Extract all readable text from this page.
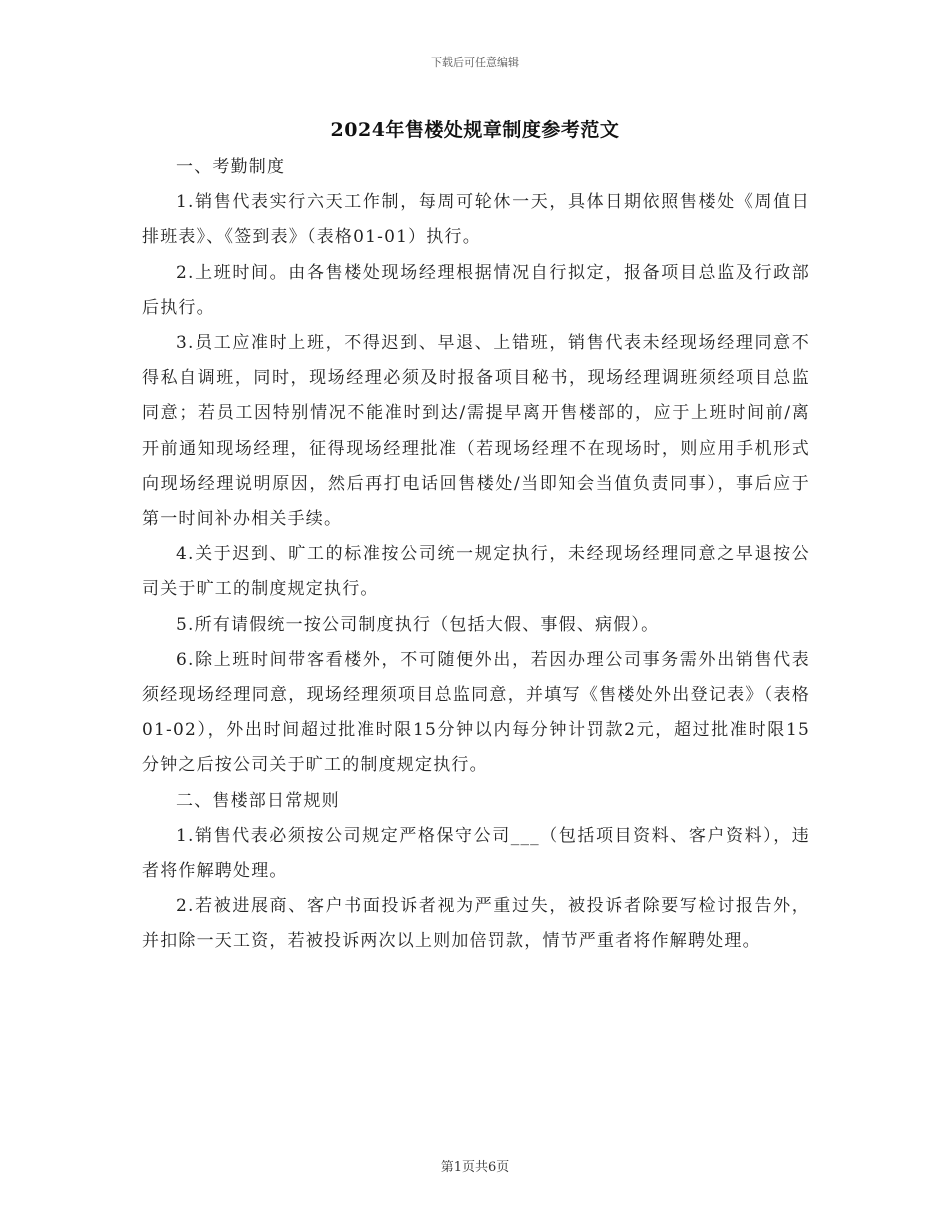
下载后可任意编辑
2024年售楼处规章制度参考范文

一、考勤制度

1.销售代表实行六天工作制，每周可轮休一天，具体日期依照售楼处《周值日排班表》、《签到表》（表格01-01）执行。

2.上班时间。由各售楼处现场经理根据情况自行拟定，报备项目总监及行政部后执行。

3.员工应准时上班，不得迟到、早退、上错班，销售代表未经现场经理同意不得私自调班，同时，现场经理必须及时报备项目秘书，现场经理调班须经项目总监同意；若员工因特别情况不能准时到达/需提早离开售楼部的，应于上班时间前/离开前通知现场经理，征得现场经理批准（若现场经理不在现场时，则应用手机形式向现场经理说明原因，然后再打电话回售楼处/当即知会当值负责同事），事后应于第一时间补办相关手续。

4.关于迟到、旷工的标准按公司统一规定执行，未经现场经理同意之早退按公司关于旷工的制度规定执行。

5.所有请假统一按公司制度执行（包括大假、事假、病假）。

6.除上班时间带客看楼外，不可随便外出，若因办理公司事务需外出销售代表须经现场经理同意，现场经理须项目总监同意，并填写《售楼处外出登记表》（表格01-02），外出时间超过批准时限15分钟以内每分钟计罚款2元，超过批准时限15分钟之后按公司关于旷工的制度规定执行。

二、售楼部日常规则

1.销售代表必须按公司规定严格保守公司___（包括项目资料、客户资料），违者将作解聘处理。

2.若被进展商、客户书面投诉者视为严重过失，被投诉者除要写检讨报告外，并扣除一天工资，若被投诉两次以上则加倍罚款，情节严重者将作解聘处理。

第1页共6页
